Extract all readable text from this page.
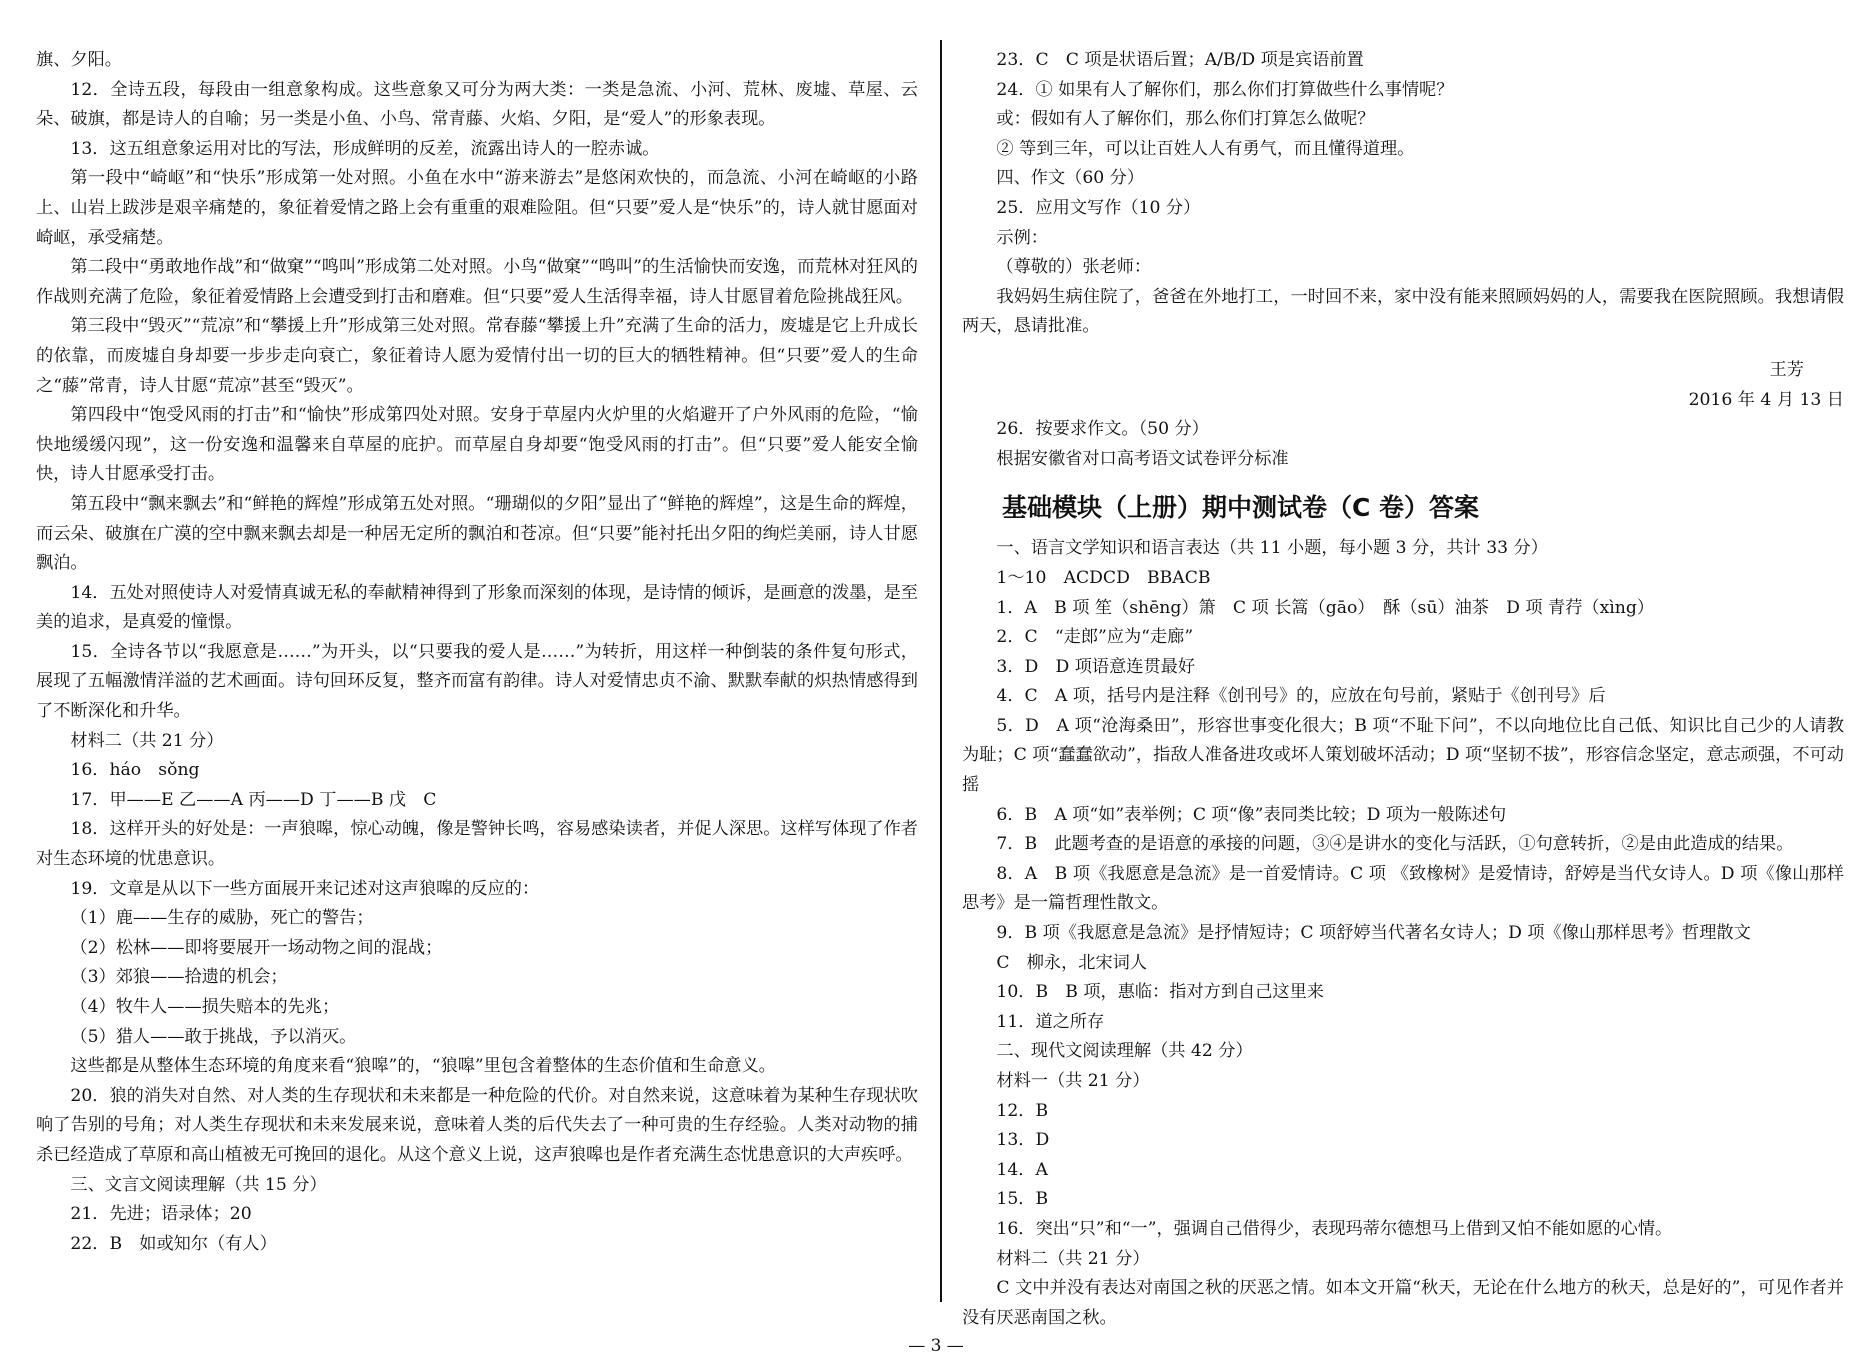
旗、夕阳。

12．全诗五段，每段由一组意象构成。这些意象又可分为两大类：一类是急流、小河、荒林、废墟、草屋、云朵、破旗，都是诗人的自喻；另一类是小鱼、小鸟、常青藤、火焰、夕阳，是“爱人”的形象表现。

13．这五组意象运用对比的写法，形成鲜明的反差，流露出诗人的一腔赤诚。

第一段中“崎岖”和“快乐”形成第一处对照。小鱼在水中“游来游去”是悠闲欢快的，而急流、小河在崎岖的小路上、山岩上跋涉是艰辛痛楚的，象征着爱情之路上会有重重的艰难险阻。但“只要”爱人是“快乐”的，诗人就甘愿面对崎岖，承受痛楚。

第二段中“勇敢地作战”和“做窠”“鸣叫”形成第二处对照。小鸟“做窠”“鸣叫”的生活愉快而安逸，而荒林对狂风的作战则充满了危险，象征着爱情路上会遭受到打击和磨难。但“只要”爱人生活得幸福，诗人甘愿冒着危险挑战狂风。

第三段中“毁灭”“荒凉”和“攀援上升”形成第三处对照。常春藤“攀援上升”充满了生命的活力，废墟是它上升成长的依靠，而废墟自身却要一步步走向衰亡，象征着诗人愿为爱情付出一切的巨大的牺牲精神。但“只要”爱人的生命之“藤”常青，诗人甘愿“荒凉”甚至“毁灭”。

第四段中“饱受风雨的打击”和“愉快”形成第四处对照。安身于草屋内火炉里的火焰避开了户外风雨的危险，“愉快地缓缓闪现”，这一份安逸和温馨来自草屋的庇护。而草屋自身却要“饱受风雨的打击”。但“只要”爱人能安全愉快，诗人甘愿承受打击。

第五段中“飘来飘去”和“鲜艳的辉煌”形成第五处对照。“珊瑚似的夕阳”显出了“鲜艳的辉煌”，这是生命的辉煌，而云朵、破旗在广漠的空中飘来飘去却是一种居无定所的飘泊和苍凉。但“只要”能衬托出夕阳的绚烂美丽，诗人甘愿飘泊。

14．五处对照使诗人对爱情真诚无私的奉献精神得到了形象而深刻的体现，是诗情的倾诉，是画意的泼墨，是至美的追求，是真爱的憧憬。

15．全诗各节以“我愿意是……”为开头，以“只要我的爱人是……”为转折，用这样一种倒装的条件复句形式，展现了五幅激情洋溢的艺术画面。诗句回环反复，整齐而富有韵律。诗人对爱情忠贞不渝、默默奉献的炽热情感得到了不断深化和升华。

材料二（共 21 分）

16．háo　sǒng

17．甲——E 乙——A 丙——D 丁——B 戊　C

18．这样开头的好处是：一声狼嗥，惊心动魄，像是警钟长鸣，容易感染读者，并促人深思。这样写体现了作者对生态环境的忧患意识。

19．文章是从以下一些方面展开来记述对这声狼嗥的反应的：

（1）鹿——生存的威胁，死亡的警告；

（2）松林——即将要展开一场动物之间的混战；

（3）郊狼——拾遗的机会；

（4）牧牛人——损失赔本的先兆；

（5）猎人——敢于挑战，予以消灭。

这些都是从整体生态环境的角度来看“狼嗥”的，“狼嗥”里包含着整体的生态价值和生命意义。

20．狼的消失对自然、对人类的生存现状和未来都是一种危险的代价。对自然来说，这意味着为某种生存现状吹响了告别的号角；对人类生存现状和未来发展来说，意味着人类的后代失去了一种可贵的生存经验。人类对动物的捕杀已经造成了草原和高山植被无可挽回的退化。从这个意义上说，这声狼嗥也是作者充满生态忧患意识的大声疾呼。

三、文言文阅读理解（共 15 分）

21．先进；语录体；20

22．B　如或知尔（有人）

23．C　C 项是状语后置；A/B/D 项是宾语前置

24．① 如果有人了解你们，那么你们打算做些什么事情呢？

或：假如有人了解你们，那么你们打算怎么做呢？

② 等到三年，可以让百姓人人有勇气，而且懂得道理。

四、作文（60 分）

25．应用文写作（10 分）

示例：

（尊敬的）张老师：

我妈妈生病住院了，爸爸在外地打工，一时回不来，家中没有能来照顾妈妈的人，需要我在医院照顾。我想请假两天，恳请批准。

王芳

2016 年 4 月 13 日

26．按要求作文。（50 分）

根据安徽省对口高考语文试卷评分标准

基础模块（上册）期中测试卷（C 卷）答案

一、语言文学知识和语言表达（共 11 小题，每小题 3 分，共计 33 分）

1～10　ACDCD　BBACB

1．A　B 项 笙（shēng）箫　C 项 长篙（gāo）　酥（sū）油茶　D 项 青荇（xìng）

2．C　“走郎”应为“走廊”

3．D　D 项语意连贯最好

4．C　A 项，括号内是注释《创刊号》的，应放在句号前，紧贴于《创刊号》后

5．D　A 项“沧海桑田”，形容世事变化很大；B 项“不耻下问”，不以向地位比自己低、知识比自己少的人请教为耻；C 项“蠢蠢欲动”，指敌人准备进攻或坏人策划破坏活动；D 项“坚韧不拔”，形容信念坚定，意志顽强，不可动摇

6．B　A 项“如”表举例；C 项“像”表同类比较；D 项为一般陈述句

7．B　此题考查的是语意的承接的问题，③④是讲水的变化与活跃，①句意转折，②是由此造成的结果。

8．A　B 项《我愿意是急流》是一首爱情诗。C 项 《致橡树》是爱情诗，舒婷是当代女诗人。D 项《像山那样思考》是一篇哲理性散文。

9．B 项《我愿意是急流》是抒情短诗；C 项舒婷当代著名女诗人；D 项《像山那样思考》哲理散文

C　柳永，北宋词人

10．B　B 项，惠临：指对方到自己这里来

11．道之所存

二、现代文阅读理解（共 42 分）

材料一（共 21 分）

12．B

13．D

14．A

15．B

16．突出“只”和“一”，强调自己借得少，表现玛蒂尔德想马上借到又怕不能如愿的心情。

材料二（共 21 分）

C 文中并没有表达对南国之秋的厌恶之情。如本文开篇“秋天，无论在什么地方的秋天，总是好的”，可见作者并没有厌恶南国之秋。

— 3 —
